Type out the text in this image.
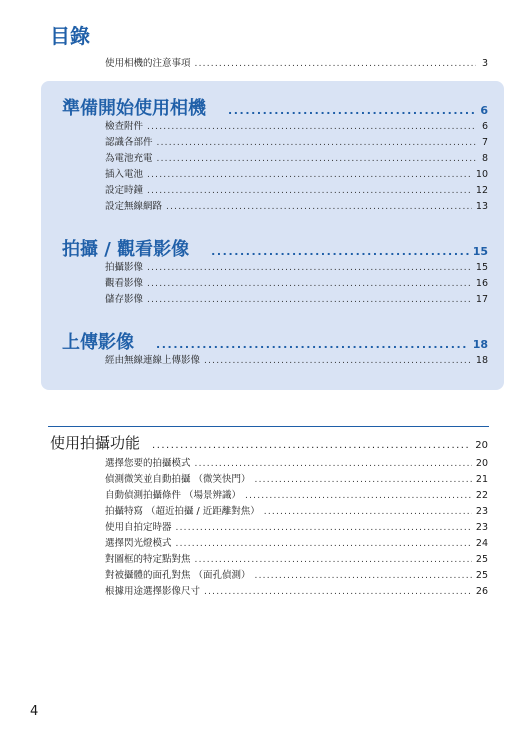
目錄
使用相機的注意事項 .....	3
準備開始使用相機 .....	6
檢查附件 .....	6
認識各部件 .....	7
為電池充電 .....	8
插入電池 .....	10
設定時鐘 .....	12
設定無線網路 .....	13
拍攝 / 觀看影像 .....	15
拍攝影像 .....	15
觀看影像 .....	16
儲存影像 .....	17
上傳影像 .....	18
經由無線連線上傳影像 .....	18
使用拍攝功能 .....	20
選擇您要的拍攝模式 .....	20
偵測微笑並自動拍攝 （微笑快門） .....	21
自動偵測拍攝條件 （場景辨識） .....	22
拍攝特寫 （超近拍攝 / 近距離對焦） .....	23
使用自拍定時器 .....	23
選擇閃光燈模式 .....	24
對圖框的特定點對焦 .....	25
對被攝體的面孔對焦 （面孔偵測） .....	25
根據用途選擇影像尺寸 .....	26
4
